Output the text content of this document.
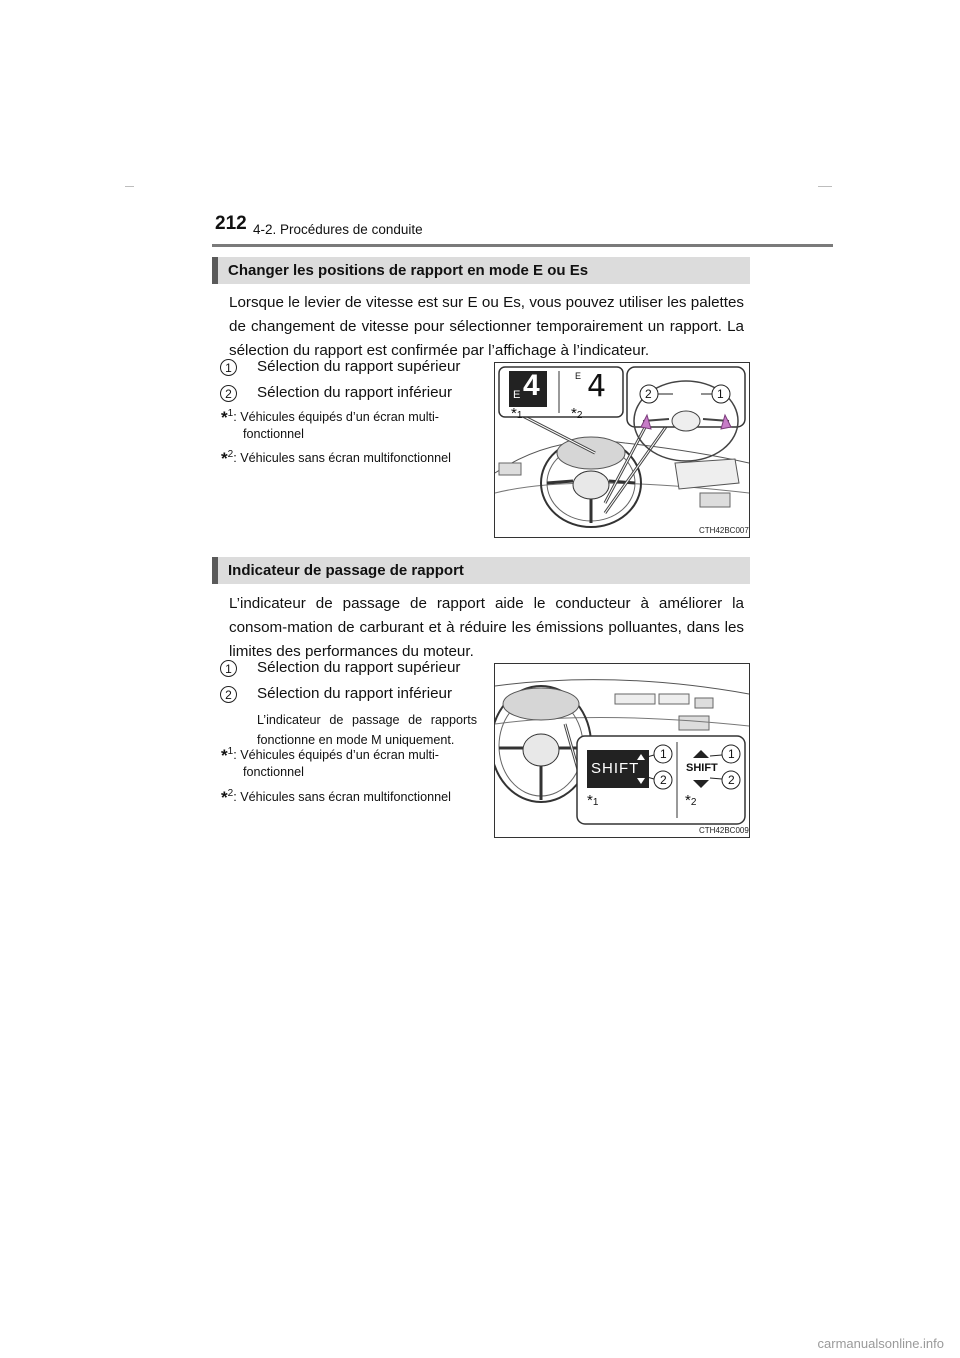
212 4-2. Procédures de conduite
Changer les positions de rapport en mode E ou Es
Lorsque le levier de vitesse est sur E ou Es, vous pouvez utiliser les palettes de changement de vitesse pour sélectionner temporairement un rapport. La sélection du rapport est confirmée par l’affichage à l’indicateur.
1	Sélection du rapport supérieur
2	Sélection du rapport inférieur
*$^1$: Véhicules équipés d’un écran multi-
fonctionnel
*$^2$: Véhicules sans écran multifonctionnel
E 4	E 4
*1	*2
2	1
CTH42BC007
Indicateur de passage de rapport
L’indicateur de passage de rapport aide le conducteur à améliorer la consom-mation de carburant et à réduire les émissions polluantes, dans les limites des performances du moteur.
1	Sélection du rapport supérieur
2	Sélection du rapport inférieur
L’indicateur de passage de rapports fonctionne en mode M uniquement.
*$^1$: Véhicules équipés d’un écran multi-
fonctionnel
*$^2$: Véhicules sans écran multifonctionnel
SHIFT	SHIFT
1
2
1
2
*1	*2
CTH42BC009
carmanualsonline.info
